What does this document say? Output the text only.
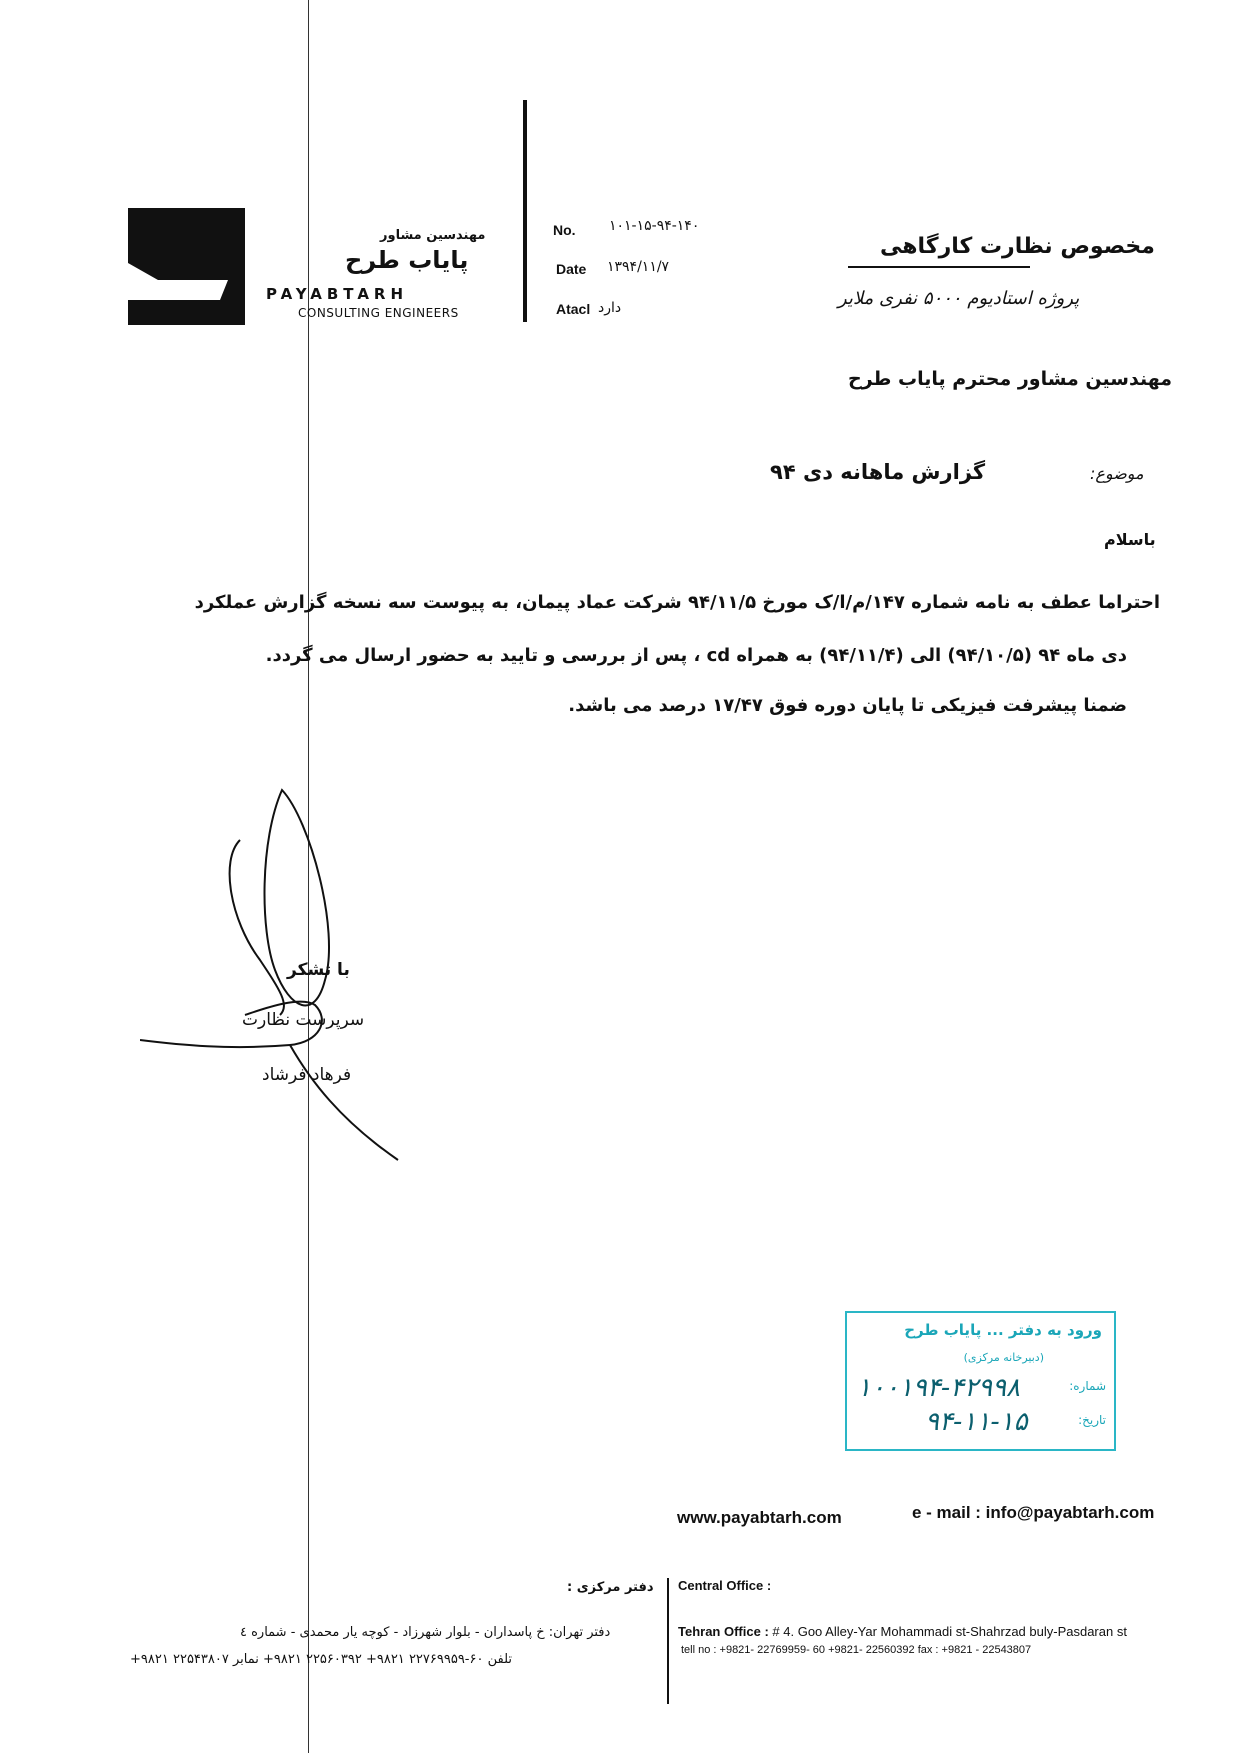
مهندسین مشاور
پایاب طرح
PAYABTARH
CONSULTING ENGINEERS
No. ۱۰۱-۱۵-۹۴-۱۴۰
Date ۱۳۹۴/۱۱/۷
Atacl دارد
مخصوص نظارت کارگاهی
پروژه استادیوم ۵۰۰۰ نفری ملایر
مهندسین مشاور محترم پایاب طرح
موضوع:
گزارش ماهانه دی ۹۴
باسلام
احتراما عطف به نامه شماره ۱۴۷/م/ا/ک مورخ ۹۴/۱۱/۵ شرکت عماد پیمان، به پیوست سه نسخه گزارش عملکرد
دی ماه ۹۴ (۹۴/۱۰/۵) الی (۹۴/۱۱/۴) به همراه cd ، پس از بررسی و تایید به حضور ارسال می گردد.
ضمنا پیشرفت فیزیکی تا پایان دوره فوق ۱۷/۴۷ درصد می باشد.
با تشکر
سرپرست نظارت
فرهاد فرشاد
ورود به دفتر ... پایاب طرح
(دبیرخانه مرکزی)
شماره:
۱۰۰۱۹۴-۴۲۹۹۸
تاریخ:
۹۴-۱۱-۱۵
www.payabtarh.com	e - mail : info@payabtarh.com
دفتر مرکزی : Central Office :
دفتر تهران: خ پاسداران - بلوار شهرزاد - کوچه یار محمدی - شماره ٤	Tehran Office : # 4. Goo Alley-Yar Mohammadi st-Shahrzad buly-Pasdaran st
تلفن ۶۰-۲۲۷۶۹۹۵۹ ۹۸۲۱+ ۲۲۵۶۰۳۹۲ ۹۸۲۱+ نمابر ۲۲۵۴۳۸۰۷ ۹۸۲۱+
tell no : +9821- 22769959- 60 +9821- 22560392 fax : +9821 - 22543807
